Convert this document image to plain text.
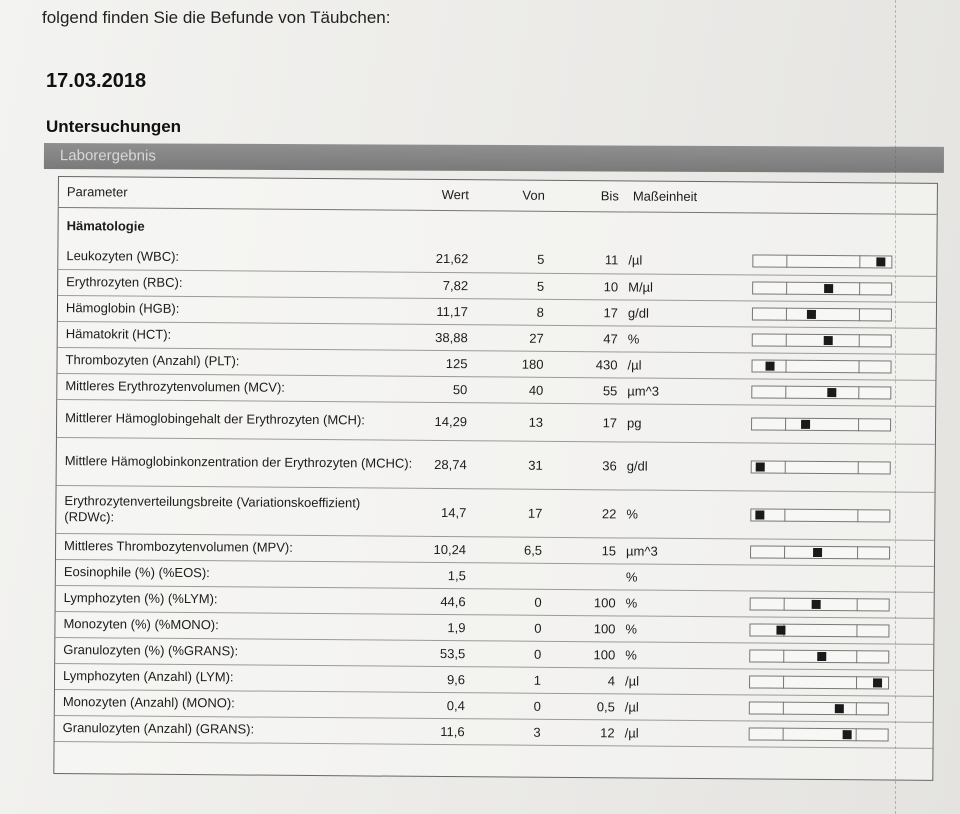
folgend finden Sie die Befunde von Täubchen:
17.03.2018
Untersuchungen
Laborergebnis
Parameter	Wert	Von	Bis	Maßeinheit	
Hämatologie					
Leukozyten (WBC):	21,62	5	11	/µl	

Erythrozyten (RBC):	7,82	5	10	M/µl	

Hämoglobin (HGB):	11,17	8	17	g/dl	

Hämatokrit (HCT):	38,88	27	47	%	

Thrombozyten (Anzahl) (PLT):	125	180	430	/µl	

Mittleres Erythrozytenvolumen (MCV):	50	40	55	µm^3	

Mittlerer Hämoglobingehalt der Erythrozyten (MCH):	14,29	13	17	pg	

Mittlere Hämoglobinkonzentration der Erythrozyten (MCHC):	28,74	31	36	g/dl	

Erythrozytenverteilungsbreite (Variationskoeffizient) (RDWc):	14,7	17	22	%	

Mittleres Thrombozytenvolumen (MPV):	10,24	6,5	15	µm^3	

Eosinophile (%) (%EOS):	1,5			%	
Lymphozyten (%) (%LYM):	44,6	0	100	%	

Monozyten (%) (%MONO):	1,9	0	100	%	

Granulozyten (%) (%GRANS):	53,5	0	100	%	

Lymphozyten (Anzahl) (LYM):	9,6	1	4	/µl	

Monozyten (Anzahl) (MONO):	0,4	0	0,5	/µl	

Granulozyten (Anzahl) (GRANS):	11,6	3	12	/µl	
